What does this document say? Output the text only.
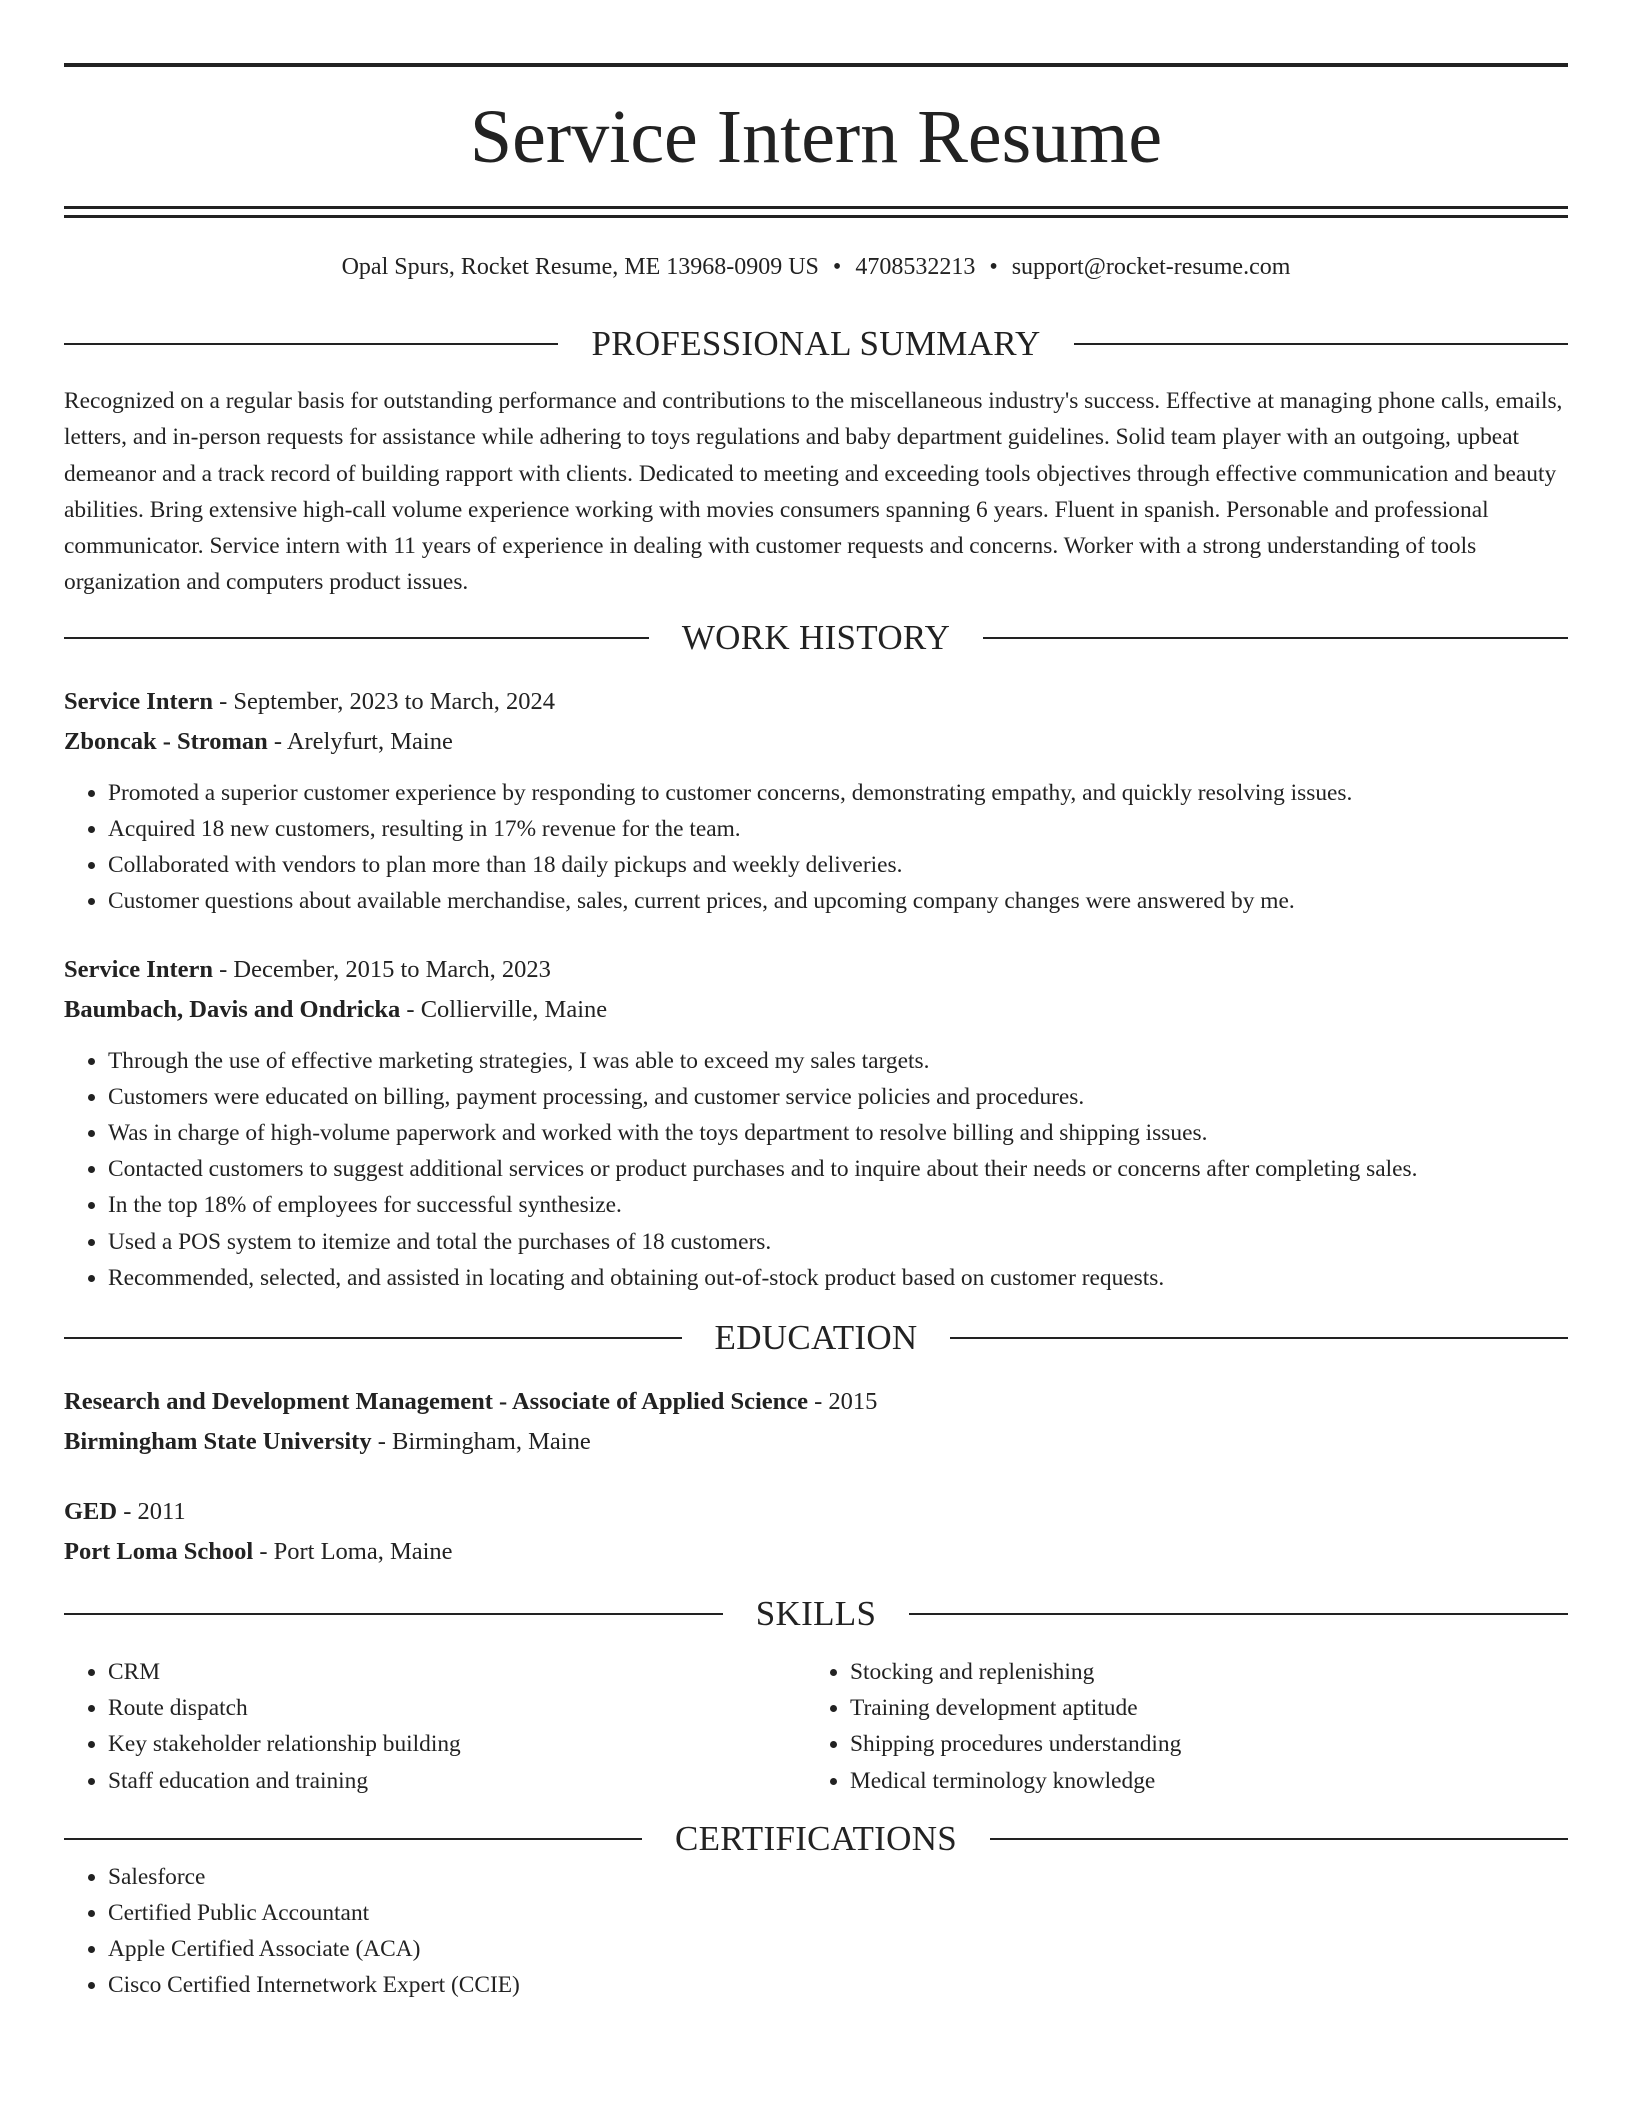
Service Intern Resume
Opal Spurs, Rocket Resume, ME 13968-0909 US • 4708532213 • support@rocket-resume.com
PROFESSIONAL SUMMARY
Recognized on a regular basis for outstanding performance and contributions to the miscellaneous industry's success. Effective at managing phone calls, emails, letters, and in-person requests for assistance while adhering to toys regulations and baby department guidelines. Solid team player with an outgoing, upbeat demeanor and a track record of building rapport with clients. Dedicated to meeting and exceeding tools objectives through effective communication and beauty abilities. Bring extensive high-call volume experience working with movies consumers spanning 6 years. Fluent in spanish. Personable and professional communicator. Service intern with 11 years of experience in dealing with customer requests and concerns. Worker with a strong understanding of tools organization and computers product issues.
WORK HISTORY
Service Intern - September, 2023 to March, 2024
Zboncak - Stroman - Arelyfurt, Maine
• Promoted a superior customer experience by responding to customer concerns, demonstrating empathy, and quickly resolving issues.
• Acquired 18 new customers, resulting in 17% revenue for the team.
• Collaborated with vendors to plan more than 18 daily pickups and weekly deliveries.
• Customer questions about available merchandise, sales, current prices, and upcoming company changes were answered by me.
Service Intern - December, 2015 to March, 2023
Baumbach, Davis and Ondricka - Collierville, Maine
• Through the use of effective marketing strategies, I was able to exceed my sales targets.
• Customers were educated on billing, payment processing, and customer service policies and procedures.
• Was in charge of high-volume paperwork and worked with the toys department to resolve billing and shipping issues.
• Contacted customers to suggest additional services or product purchases and to inquire about their needs or concerns after completing sales.
• In the top 18% of employees for successful synthesize.
• Used a POS system to itemize and total the purchases of 18 customers.
• Recommended, selected, and assisted in locating and obtaining out-of-stock product based on customer requests.
EDUCATION
Research and Development Management - Associate of Applied Science - 2015
Birmingham State University - Birmingham, Maine
GED - 2011
Port Loma School - Port Loma, Maine
SKILLS
• CRM
• Route dispatch
• Key stakeholder relationship building
• Staff education and training
• Stocking and replenishing
• Training development aptitude
• Shipping procedures understanding
• Medical terminology knowledge
CERTIFICATIONS
• Salesforce
• Certified Public Accountant
• Apple Certified Associate (ACA)
• Cisco Certified Internetwork Expert (CCIE)
